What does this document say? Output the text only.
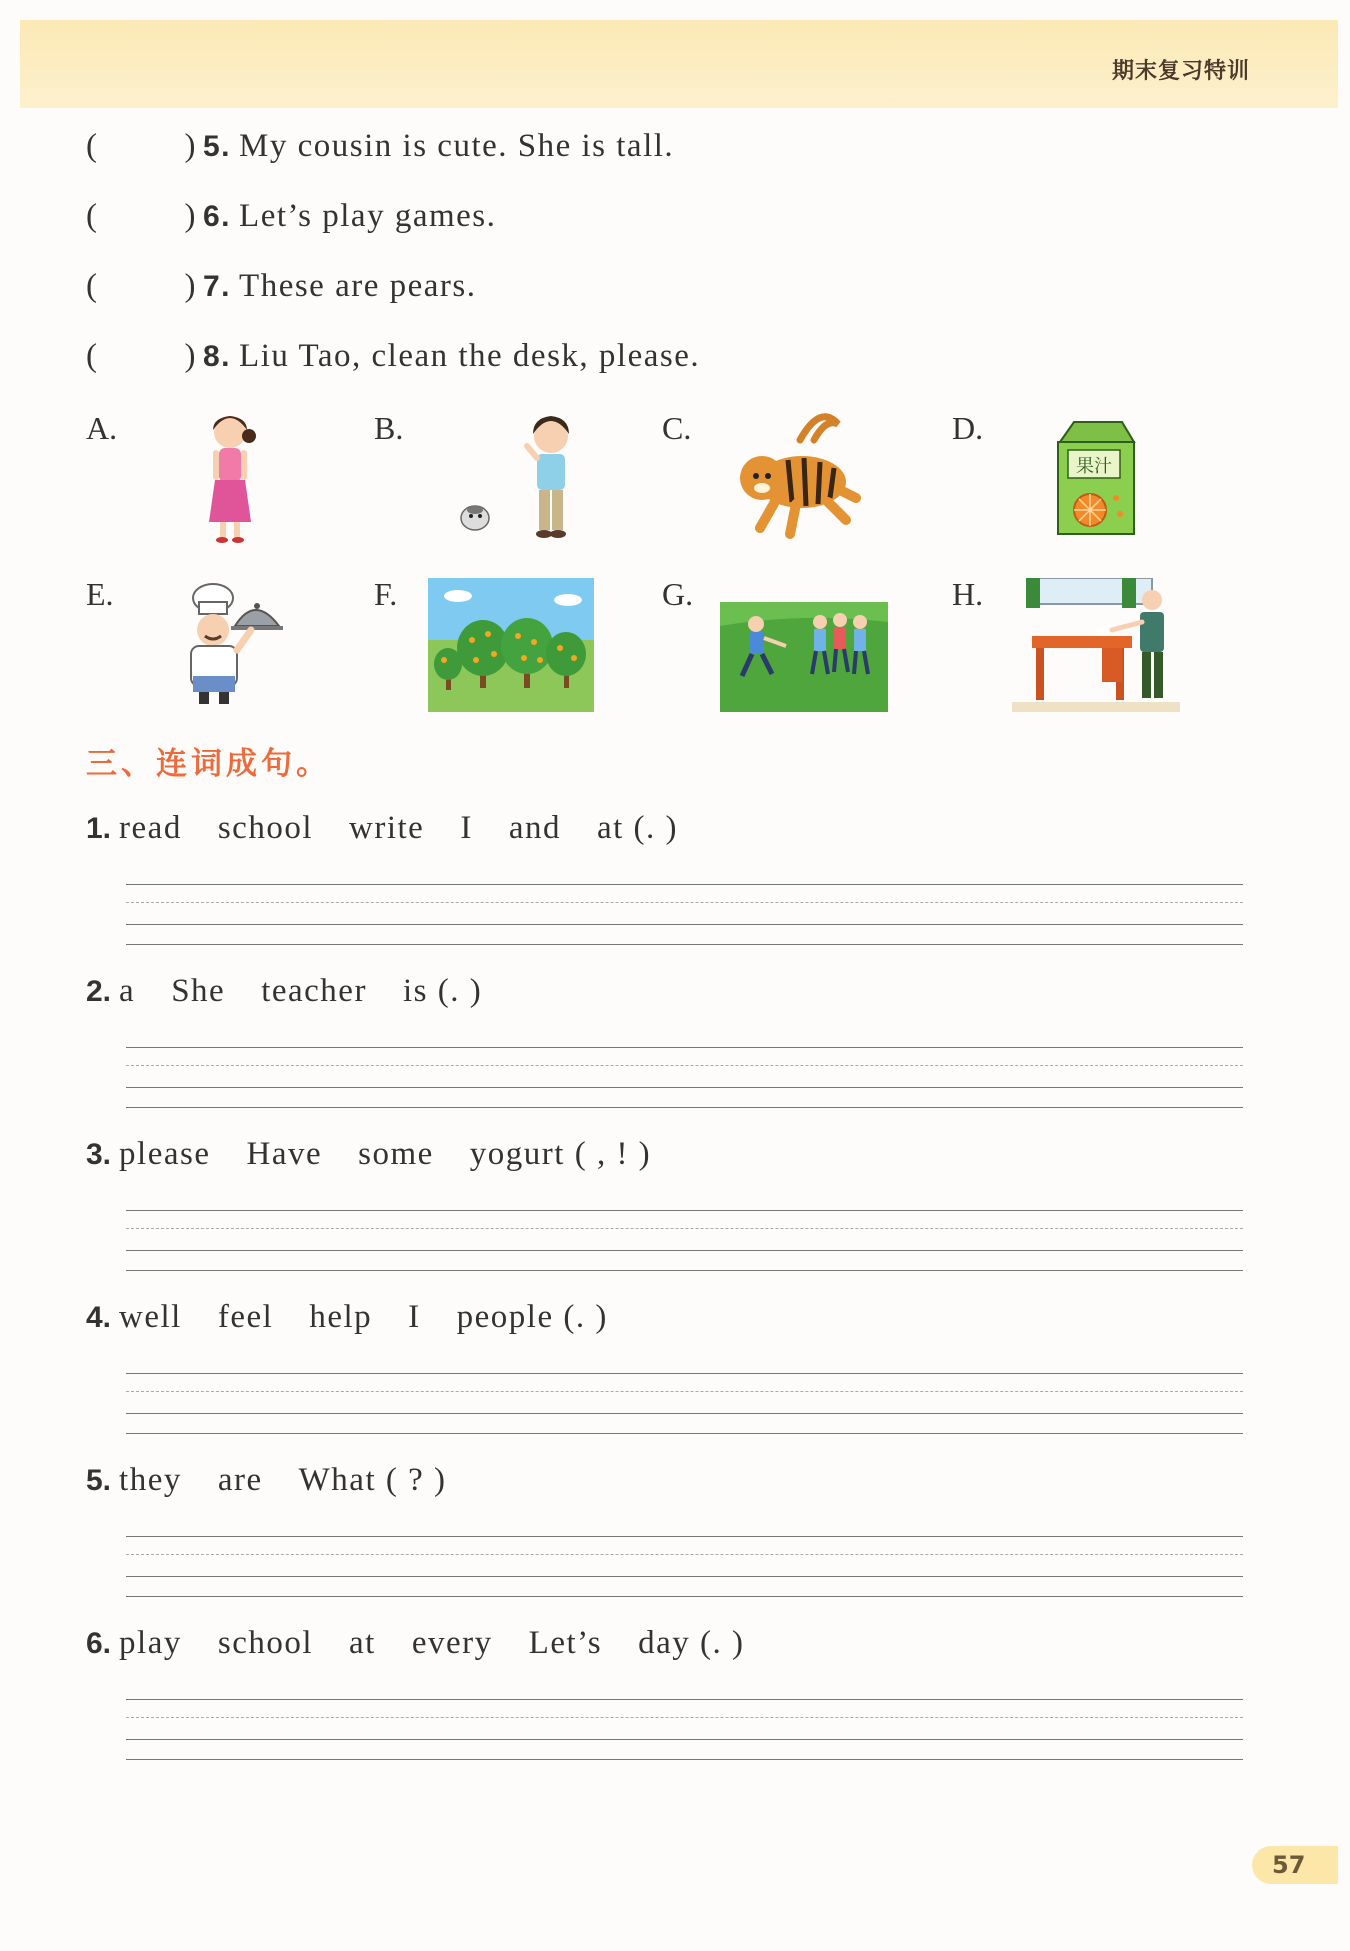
期末复习特训
(	) 5. My cousin is cute. She is tall.
(	) 6. Let’s play games.
(	) 7. These are pears.
(	) 8. Liu Tao, clean the desk, please.
A.	B.	C.	D.
E.	F.	G.	H.
果汁
三、连词成句。
1. read school write I and at (. )
2. a She teacher is (. )
3. please Have some yogurt ( , ! )
4. well feel help I people (. )
5. they are What ( ? )
6. play school at every Let’s day (. )
57
